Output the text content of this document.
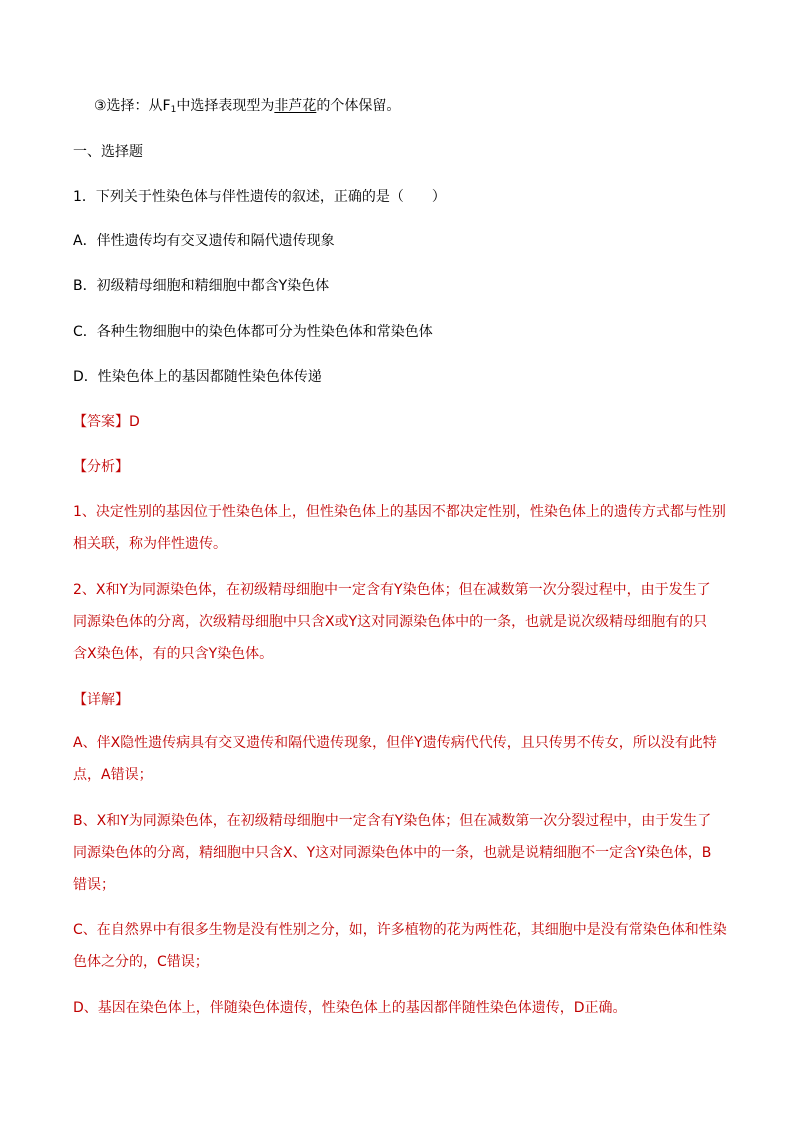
③选择：从$F_1$中选择表现型为非芦花的个体保留。
一、选择题
1．下列关于性染色体与伴性遗传的叙述，正确的是（　　）
A．伴性遗传均有交叉遗传和隔代遗传现象
B．初级精母细胞和精细胞中都含Y染色体
C．各种生物细胞中的染色体都可分为性染色体和常染色体
D．性染色体上的基因都随性染色体传递
【答案】D
【分析】
1、决定性别的基因位于性染色体上，但性染色体上的基因不都决定性别，性染色体上的遗传方式都与性别
相关联，称为伴性遗传。
2、X和Y为同源染色体，在初级精母细胞中一定含有Y染色体；但在减数第一次分裂过程中，由于发生了
同源染色体的分离，次级精母细胞中只含X或Y这对同源染色体中的一条，也就是说次级精母细胞有的只
含X染色体，有的只含Y染色体。
【详解】
A、伴X隐性遗传病具有交叉遗传和隔代遗传现象，但伴Y遗传病代代传，且只传男不传女，所以没有此特
点，A错误；
B、X和Y为同源染色体，在初级精母细胞中一定含有Y染色体；但在减数第一次分裂过程中，由于发生了
同源染色体的分离，精细胞中只含X、Y这对同源染色体中的一条，也就是说精细胞不一定含Y染色体，B
错误；
C、在自然界中有很多生物是没有性别之分，如，许多植物的花为两性花，其细胞中是没有常染色体和性染
色体之分的，C错误；
D、基因在染色体上，伴随染色体遗传，性染色体上的基因都伴随性染色体遗传，D正确。
